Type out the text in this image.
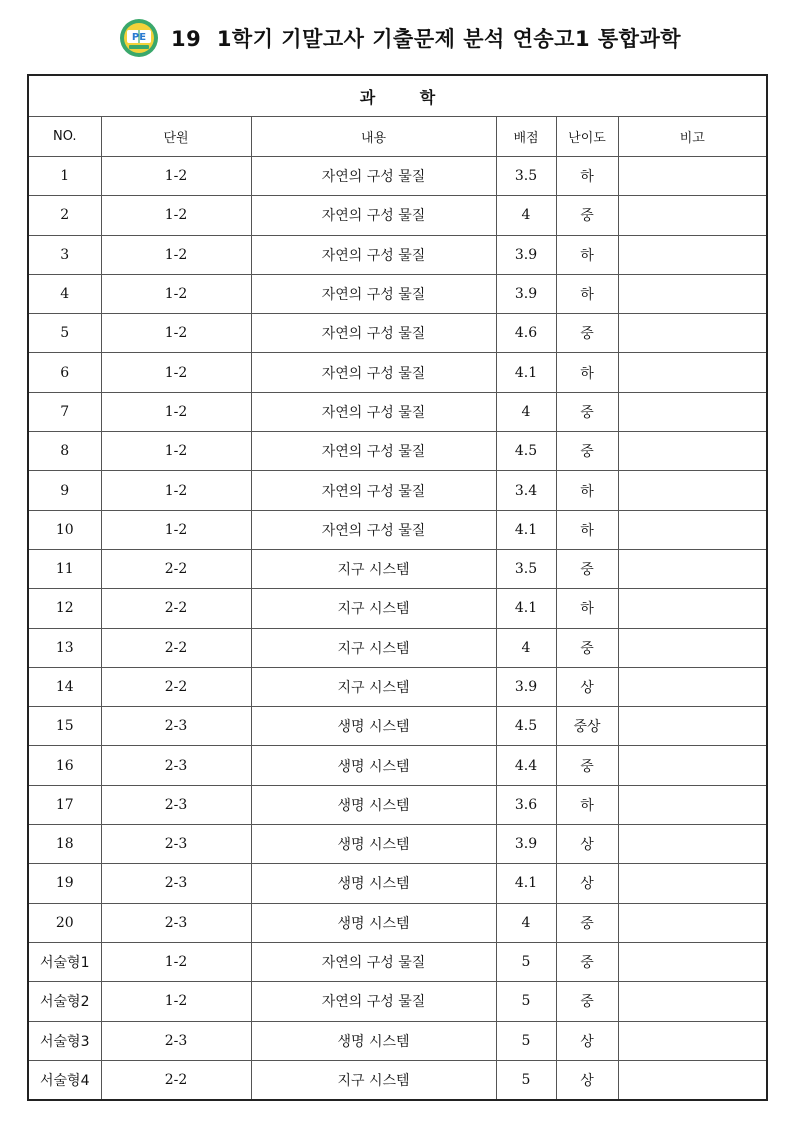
PE 19  1학기 기말고사 기출문제 분석 연송고1 통합과학
과        학					
NO.	단원	내용	배점	난이도	비고
1	1-2	자연의 구성 물질	3.5	하	
2	1-2	자연의 구성 물질	4	중	
3	1-2	자연의 구성 물질	3.9	하	
4	1-2	자연의 구성 물질	3.9	하	
5	1-2	자연의 구성 물질	4.6	중	
6	1-2	자연의 구성 물질	4.1	하	
7	1-2	자연의 구성 물질	4	중	
8	1-2	자연의 구성 물질	4.5	중	
9	1-2	자연의 구성 물질	3.4	하	
10	1-2	자연의 구성 물질	4.1	하	
11	2-2	지구 시스템	3.5	중	
12	2-2	지구 시스템	4.1	하	
13	2-2	지구 시스템	4	중	
14	2-2	지구 시스템	3.9	상	
15	2-3	생명 시스템	4.5	중상	
16	2-3	생명 시스템	4.4	중	
17	2-3	생명 시스템	3.6	하	
18	2-3	생명 시스템	3.9	상	
19	2-3	생명 시스템	4.1	상	
20	2-3	생명 시스템	4	중	
서술형1	1-2	자연의 구성 물질	5	중	
서술형2	1-2	자연의 구성 물질	5	중	
서술형3	2-3	생명 시스템	5	상	
서술형4	2-2	지구 시스템	5	상	
